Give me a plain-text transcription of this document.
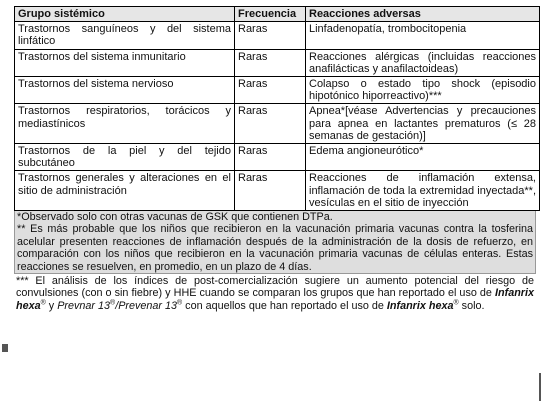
Grupo sistémico	Frecuencia	Reacciones adversas
Trastornos sanguíneos y del sistema linfático	Raras	Linfadenopatía, trombocitopenia
Trastornos del sistema inmunitario	Raras	Reacciones alérgicas (incluidas reacciones anafilácticas y anafilactoideas)
Trastornos del sistema nervioso	Raras	Colapso o estado tipo shock (episodio hipotónico hiporreactivo)***
Trastornos respiratorios, torácicos y mediastínicos	Raras	Apnea*[véase Advertencias y precauciones para apnea en lactantes prematuros (≤ 28 semanas de gestación)]
Trastornos de la piel y del tejido subcutáneo	Raras	Edema angioneurótico*
Trastornos generales y alteraciones en el sitio de administración	Raras	Reacciones de inflamación extensa, inflamación de toda la extremidad inyectada**, vesículas en el sitio de inyección

*Observado solo con otras vacunas de GSK que contienen DTPa.

** Es más probable que los niños que recibieron en la vacunación primaria vacunas contra la tosferina acelular presenten reacciones de inflamación después de la administración de la dosis de refuerzo, en comparación con los niños que recibieron en la vacunación primaria vacunas de células enteras. Estas reacciones se resuelven, en promedio, en un plazo de 4 días.

*** El análisis de los índices de post-comercialización sugiere un aumento potencial del riesgo de convulsiones (con o sin fiebre) y HHE cuando se comparan los grupos que han reportado el uso de Infanrix hexa® y Prevnar 13®/Prevenar 13® con aquellos que han reportado el uso de Infanrix hexa® solo.
